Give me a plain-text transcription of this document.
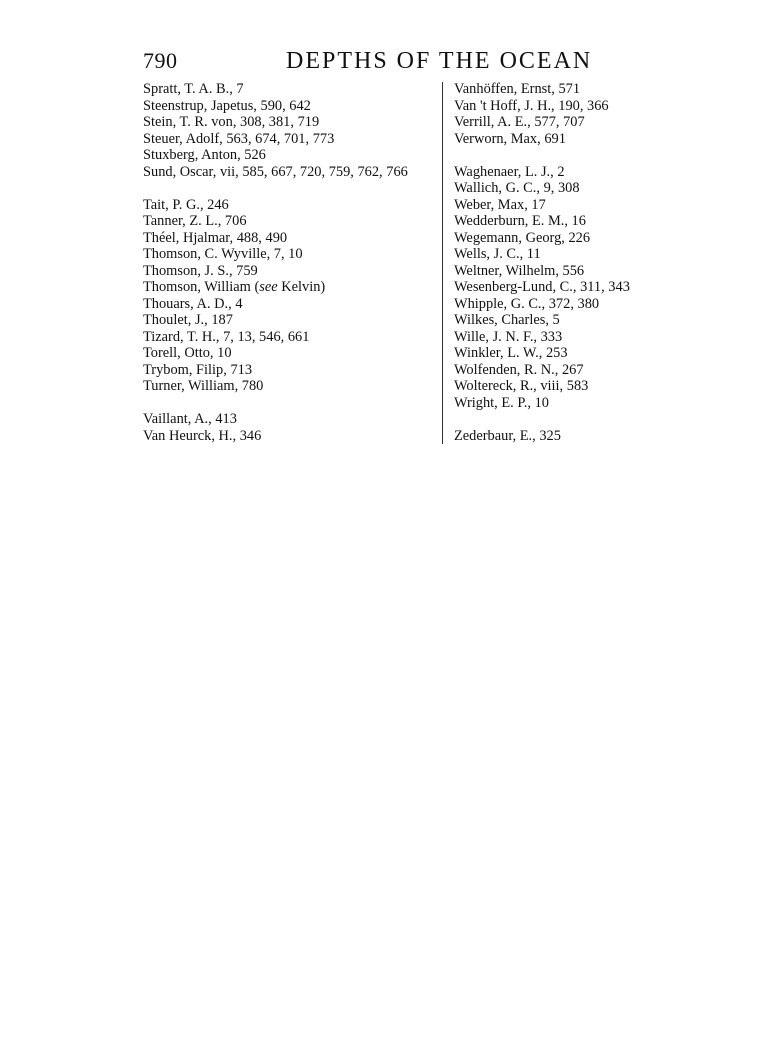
790	DEPTHS OF THE OCEAN
Spratt, T. A. B., 7
Steenstrup, Japetus, 590, 642
Stein, T. R. von, 308, 381, 719
Steuer, Adolf, 563, 674, 701, 773
Stuxberg, Anton, 526
Sund, Oscar, vii, 585, 667, 720, 759, 762, 766
Tait, P. G., 246
Tanner, Z. L., 706
Théel, Hjalmar, 488, 490
Thomson, C. Wyville, 7, 10
Thomson, J. S., 759
Thomson, William (see Kelvin)
Thouars, A. D., 4
Thoulet, J., 187
Tizard, T. H., 7, 13, 546, 661
Torell, Otto, 10
Trybom, Filip, 713
Turner, William, 780
Vaillant, A., 413
Van Heurck, H., 346
Vanhöffen, Ernst, 571
Van 't Hoff, J. H., 190, 366
Verrill, A. E., 577, 707
Verworn, Max, 691
Waghenaer, L. J., 2
Wallich, G. C., 9, 308
Weber, Max, 17
Wedderburn, E. M., 16
Wegemann, Georg, 226
Wells, J. C., 11
Weltner, Wilhelm, 556
Wesenberg-Lund, C., 311, 343
Whipple, G. C., 372, 380
Wilkes, Charles, 5
Wille, J. N. F., 333
Winkler, L. W., 253
Wolfenden, R. N., 267
Woltereck, R., viii, 583
Wright, E. P., 10
Zederbaur, E., 325
